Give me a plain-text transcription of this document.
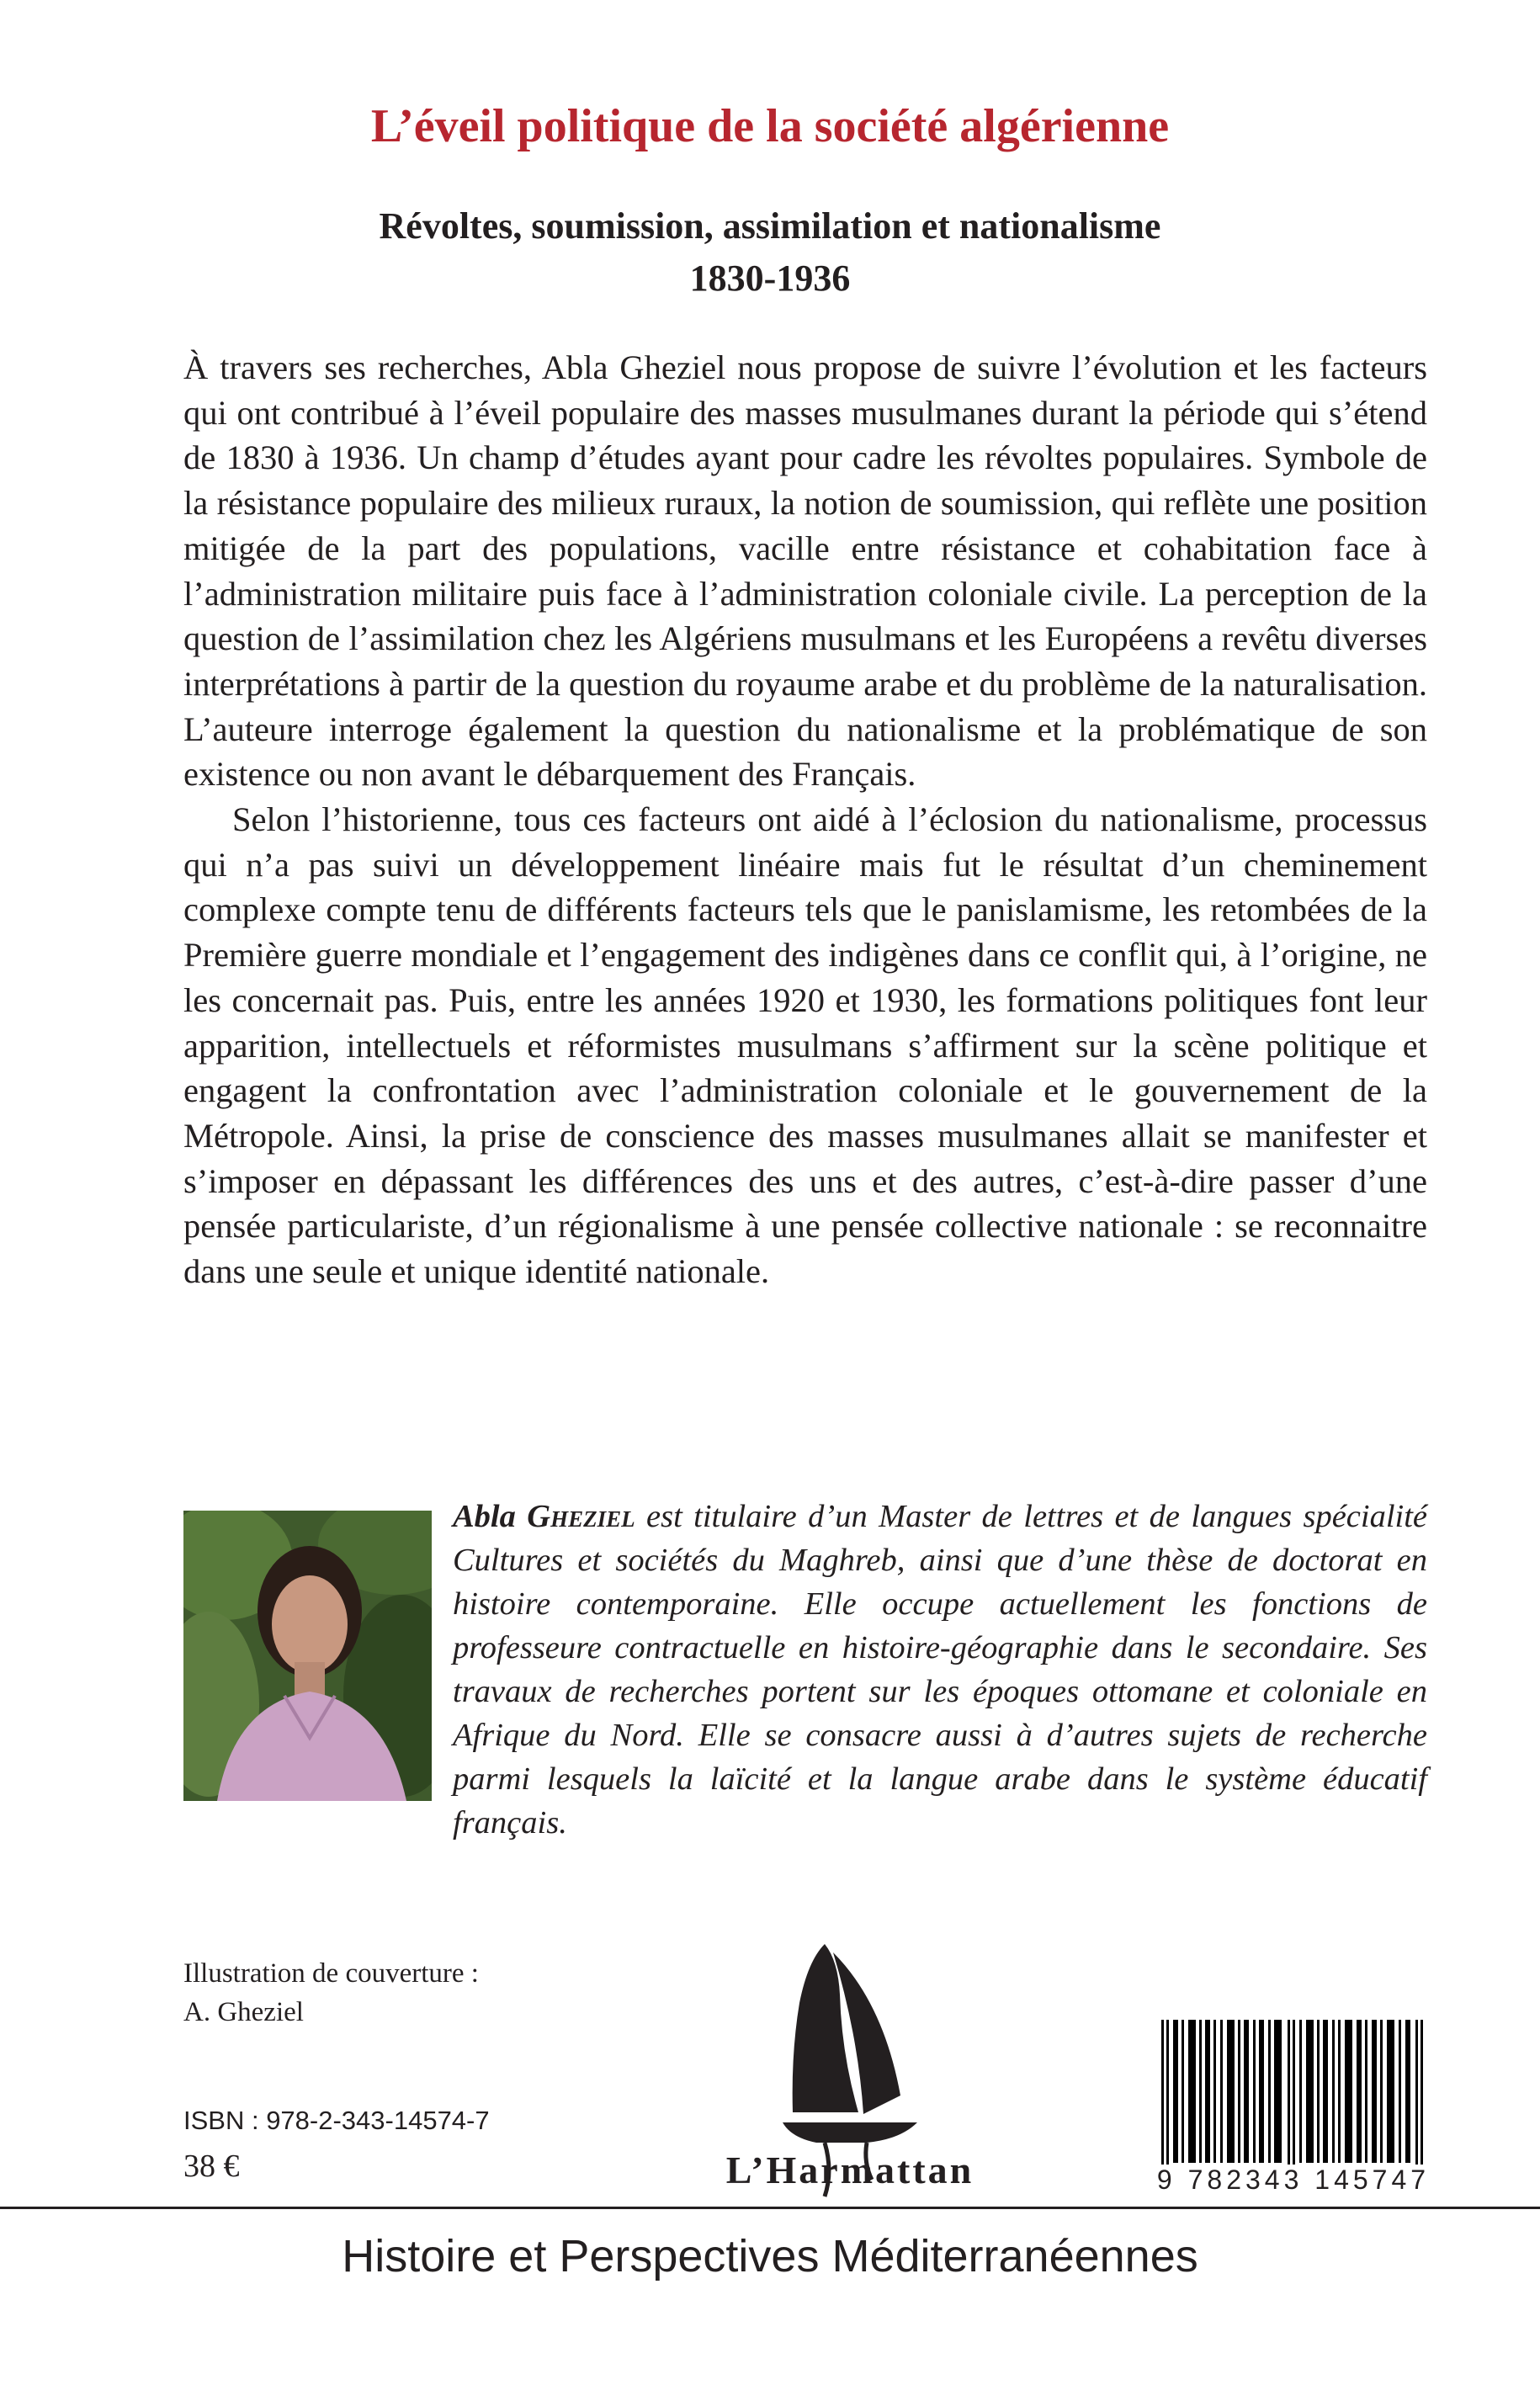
L’éveil politique de la société algérienne
Révoltes, soumission, assimilation et nationalisme
1830-1936

À travers ses recherches, Abla Gheziel nous propose de suivre l’évolution et les facteurs qui ont contribué à l’éveil populaire des masses musulmanes durant la période qui s’étend de 1830 à 1936. Un champ d’études ayant pour cadre les révoltes populaires. Symbole de la résistance populaire des milieux ruraux, la notion de soumission, qui reflète une position mitigée de la part des populations, vacille entre résistance et cohabitation face à l’administration militaire puis face à l’administration coloniale civile. La perception de la question de l’assimilation chez les Algériens musulmans et les Européens a revêtu diverses interprétations à partir de la question du royaume arabe et du problème de la naturalisation. L’auteure interroge également la question du nationalisme et la problématique de son existence ou non avant le débarquement des Français.

Selon l’historienne, tous ces facteurs ont aidé à l’éclosion du nationalisme, processus qui n’a pas suivi un développement linéaire mais fut le résultat d’un cheminement complexe compte tenu de différents facteurs tels que le panislamisme, les retombées de la Première guerre mondiale et l’engagement des indigènes dans ce conflit qui, à l’origine, ne les concernait pas. Puis, entre les années 1920 et 1930, les formations politiques font leur apparition, intellectuels et réformistes musulmans s’affirment sur la scène politique et engagent la confrontation avec l’administration coloniale et le gouvernement de la Métropole. Ainsi, la prise de conscience des masses musulmanes allait se manifester et s’imposer en dépassant les différences des uns et des autres, c’est-à-dire passer d’une pensée particulariste, d’un régionalisme à une pensée collective nationale : se reconnaitre dans une seule et unique identité nationale.

Abla Gheziel est titulaire d’un Master de lettres et de langues spécialité Cultures et sociétés du Maghreb, ainsi que d’une thèse de doctorat en histoire contemporaine. Elle occupe actuellement les fonctions de professeure contractuelle en histoire-géographie dans le secondaire. Ses travaux de recherches portent sur les époques ottomane et coloniale en Afrique du Nord. Elle se consacre aussi à d’autres sujets de recherche parmi lesquels la laïcité et la langue arabe dans le système éducatif français.
Illustration de couverture :
A. Gheziel
ISBN : 978-2-343-14574-7
38 €	L’Harmattan	9 782343 145747
Histoire et Perspectives Méditerranéennes
